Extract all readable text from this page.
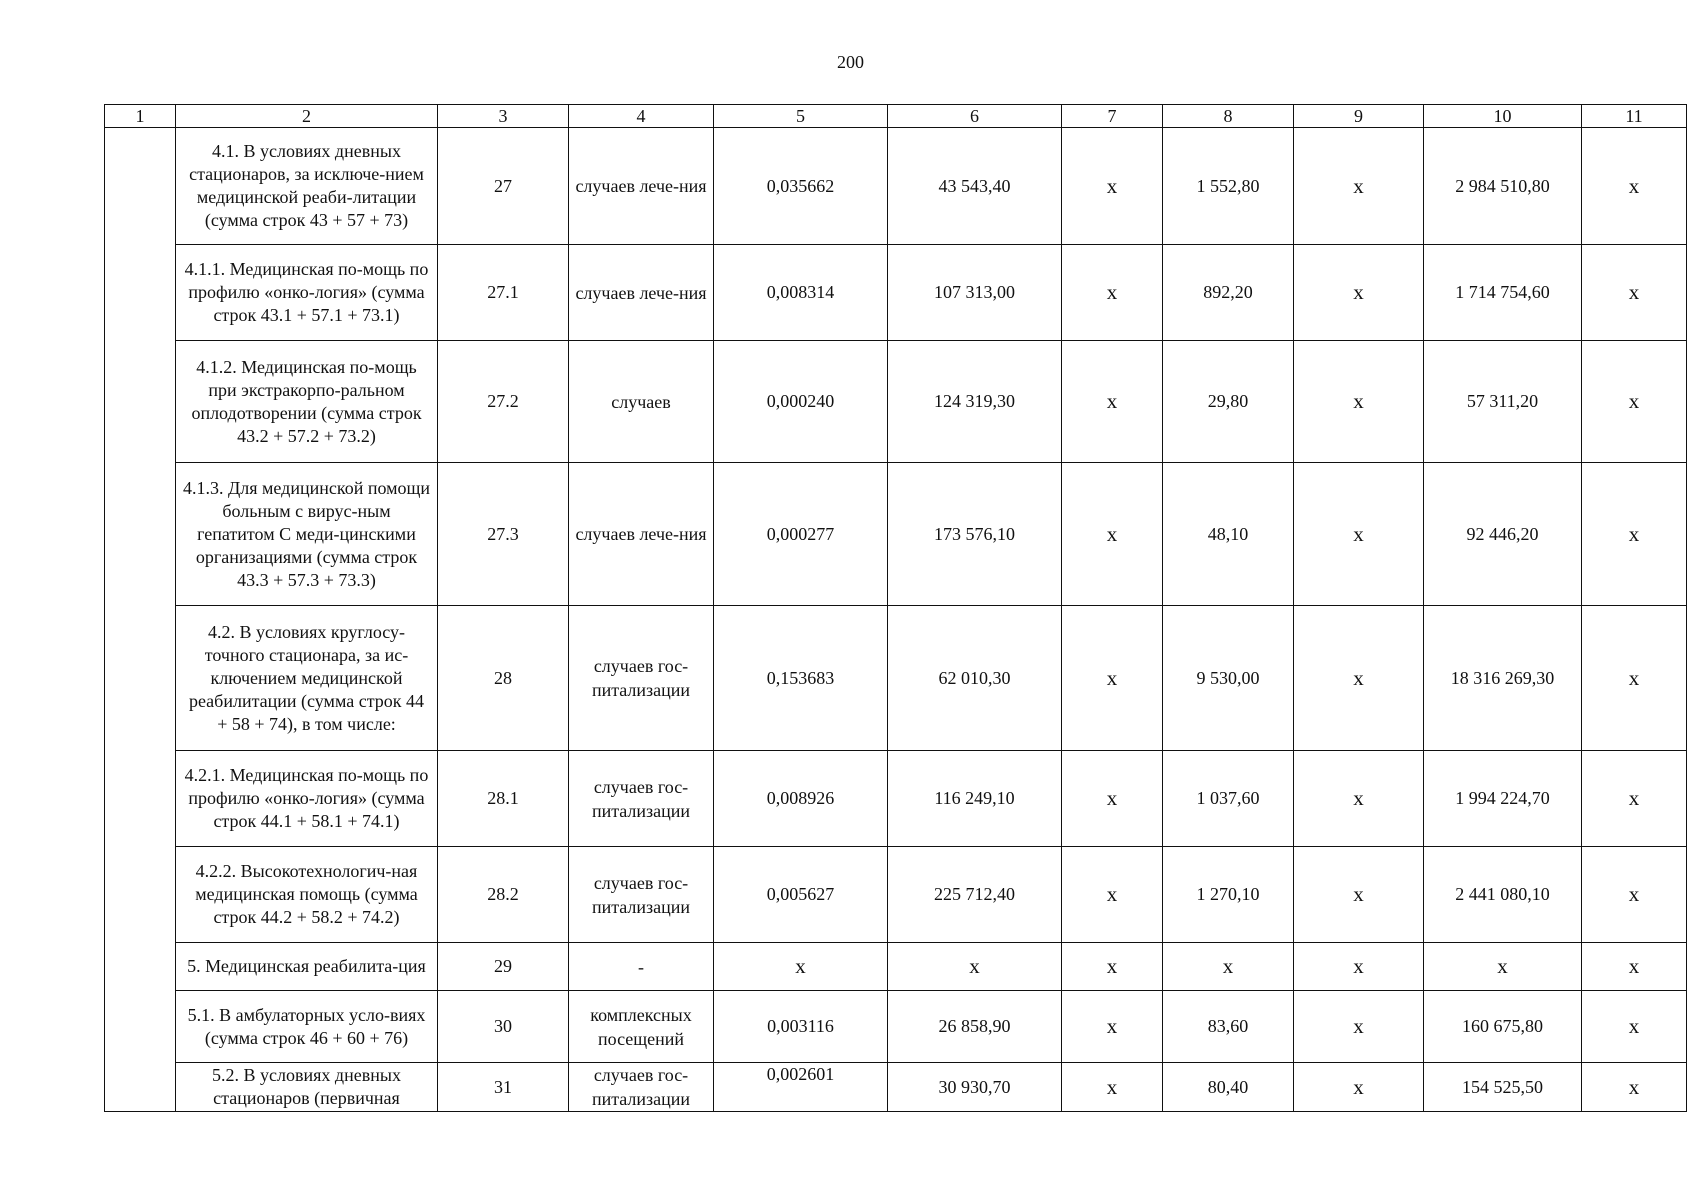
200
1	2	3	4	5	6	7	8	9	10	11
	4.1. В условиях дневных стационаров, за исключе-нием медицинской реаби-литации (сумма строк 43 + 57 + 73)	27	случаев лече-ния	0,035662	43 543,40	х	1 552,80	х	2 984 510,80	х
	4.1.1. Медицинская по-мощь по профилю «онко-логия» (сумма строк 43.1 + 57.1 + 73.1)	27.1	случаев лече-ния	0,008314	107 313,00	х	892,20	х	1 714 754,60	х
	4.1.2. Медицинская по-мощь при экстракорпо-ральном оплодотворении (сумма строк 43.2 + 57.2 + 73.2)	27.2	случаев	0,000240	124 319,30	х	29,80	х	57 311,20	х
	4.1.3. Для медицинской помощи больным с вирус-ным гепатитом С меди-цинскими организациями (сумма строк 43.3 + 57.3 + 73.3)	27.3	случаев лече-ния	0,000277	173 576,10	х	48,10	х	92 446,20	х
	4.2. В условиях круглосу-точного стационара, за ис-ключением медицинской реабилитации (сумма строк 44 + 58 + 74), в том числе:	28	случаев гос-питализации	0,153683	62 010,30	х	9 530,00	х	18 316 269,30	х
	4.2.1. Медицинская по-мощь по профилю «онко-логия» (сумма строк 44.1 + 58.1 + 74.1)	28.1	случаев гос-питализации	0,008926	116 249,10	х	1 037,60	х	1 994 224,70	х
	4.2.2. Высокотехнологич-ная медицинская помощь (сумма строк 44.2 + 58.2 + 74.2)	28.2	случаев гос-питализации	0,005627	225 712,40	х	1 270,10	х	2 441 080,10	х
	5. Медицинская реабилита-ция	29	-	х	х	х	х	х	х	х
	5.1. В амбулаторных усло-виях (сумма строк 46 + 60 + 76)	30	комплексных посещений	0,003116	26 858,90	х	83,60	х	160 675,80	х
	5.2. В условиях дневных стационаров (первичная	31	случаев гос-питализации	0,002601	30 930,70	х	80,40	х	154 525,50	х
